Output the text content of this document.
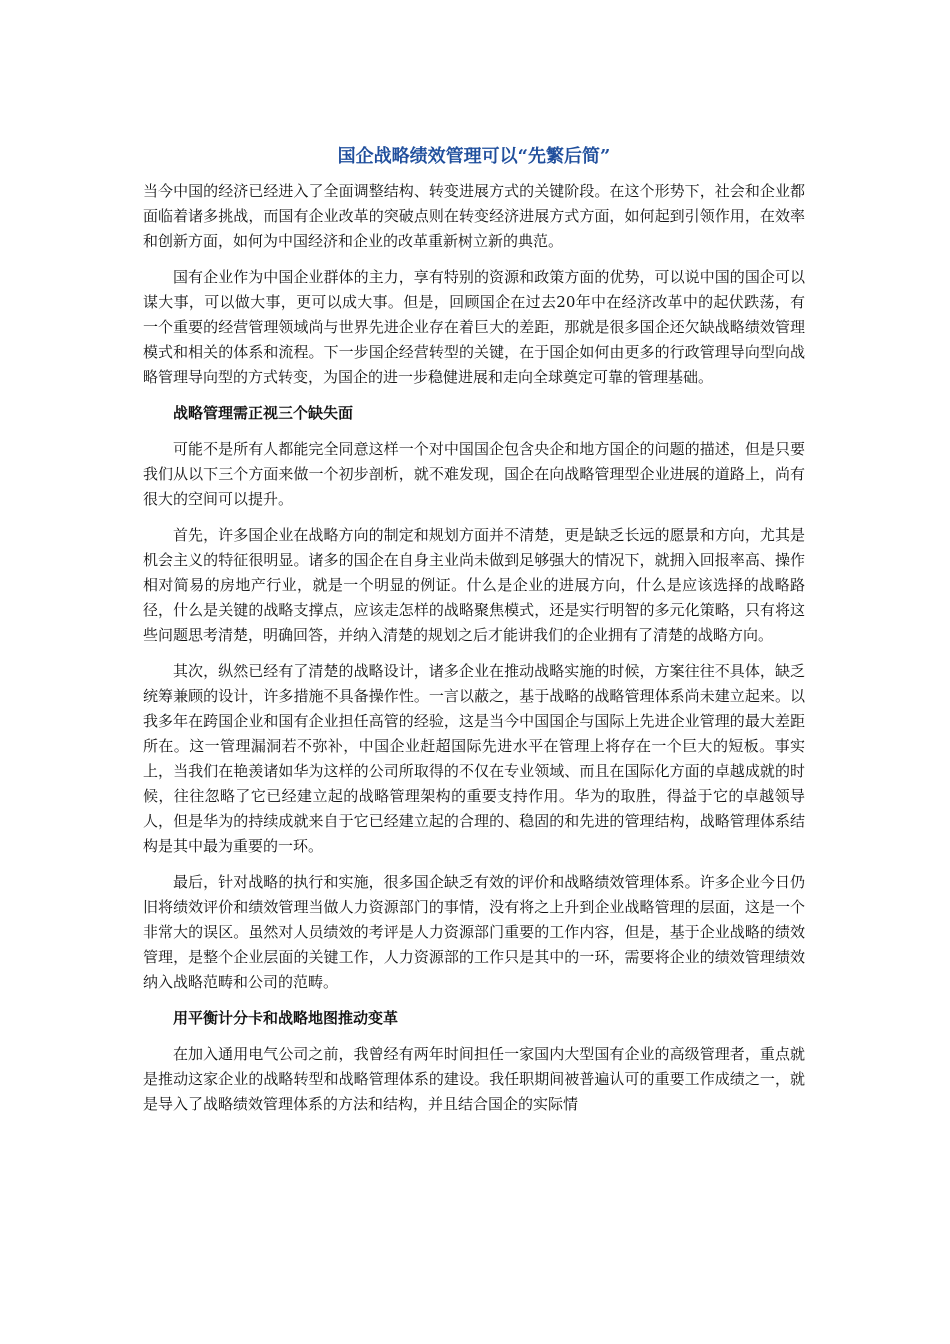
国企战略绩效管理可以“先繁后简”

当今中国的经济已经进入了全面调整结构、转变进展方式的关键阶段。在这个形势下，社会和企业都面临着诸多挑战，而国有企业改革的突破点则在转变经济进展方式方面，如何起到引领作用，在效率和创新方面，如何为中国经济和企业的改革重新树立新的典范。

国有企业作为中国企业群体的主力，享有特别的资源和政策方面的优势，可以说中国的国企可以谋大事，可以做大事，更可以成大事。但是，回顾国企在过去20年中在经济改革中的起伏跌荡，有一个重要的经营管理领域尚与世界先进企业存在着巨大的差距，那就是很多国企还欠缺战略绩效管理模式和相关的体系和流程。下一步国企经营转型的关键，在于国企如何由更多的行政管理导向型向战略管理导向型的方式转变，为国企的进一步稳健进展和走向全球奠定可靠的管理基础。

战略管理需正视三个缺失面

可能不是所有人都能完全同意这样一个对中国国企包含央企和地方国企的问题的描述，但是只要我们从以下三个方面来做一个初步剖析，就不难发现，国企在向战略管理型企业进展的道路上，尚有很大的空间可以提升。

首先，许多国企业在战略方向的制定和规划方面并不清楚，更是缺乏长远的愿景和方向，尤其是机会主义的特征很明显。诸多的国企在自身主业尚未做到足够强大的情况下，就拥入回报率高、操作相对简易的房地产行业，就是一个明显的例证。什么是企业的进展方向，什么是应该选择的战略路径，什么是关键的战略支撑点，应该走怎样的战略聚焦模式，还是实行明智的多元化策略，只有将这些问题思考清楚，明确回答，并纳入清楚的规划之后才能讲我们的企业拥有了清楚的战略方向。

其次，纵然已经有了清楚的战略设计，诸多企业在推动战略实施的时候，方案往往不具体，缺乏统筹兼顾的设计，许多措施不具备操作性。一言以蔽之，基于战略的战略管理体系尚未建立起来。以我多年在跨国企业和国有企业担任高管的经验，这是当今中国国企与国际上先进企业管理的最大差距所在。这一管理漏洞若不弥补，中国企业赶超国际先进水平在管理上将存在一个巨大的短板。事实上，当我们在艳羡诸如华为这样的公司所取得的不仅在专业领域、而且在国际化方面的卓越成就的时候，往往忽略了它已经建立起的战略管理架构的重要支持作用。华为的取胜，得益于它的卓越领导人，但是华为的持续成就来自于它已经建立起的合理的、稳固的和先进的管理结构，战略管理体系结构是其中最为重要的一环。

最后，针对战略的执行和实施，很多国企缺乏有效的评价和战略绩效管理体系。许多企业今日仍旧将绩效评价和绩效管理当做人力资源部门的事情，没有将之上升到企业战略管理的层面，这是一个非常大的误区。虽然对人员绩效的考评是人力资源部门重要的工作内容，但是，基于企业战略的绩效管理，是整个企业层面的关键工作，人力资源部的工作只是其中的一环，需要将企业的绩效管理绩效纳入战略范畴和公司的范畴。

用平衡计分卡和战略地图推动变革

在加入通用电气公司之前，我曾经有两年时间担任一家国内大型国有企业的高级管理者，重点就是推动这家企业的战略转型和战略管理体系的建设。我任职期间被普遍认可的重要工作成绩之一，就是导入了战略绩效管理体系的方法和结构，并且结合国企的实际情
